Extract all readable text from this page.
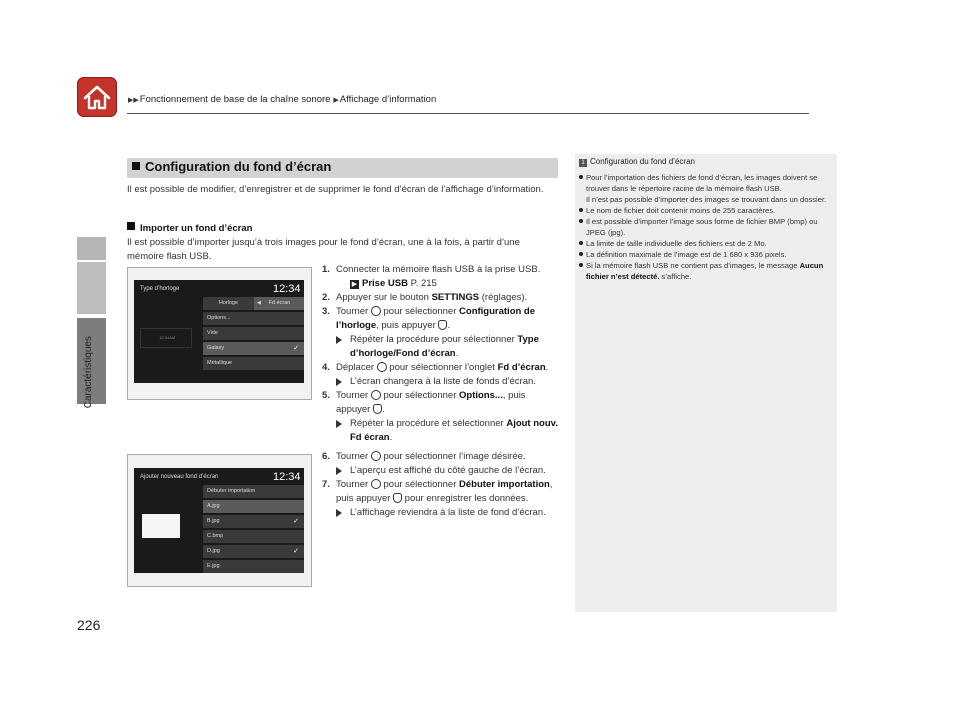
▶▶Fonctionnement de base de la chaîne sonore ▶Affichage d’information
Caractéristiques
226
Configuration du fond d’écran
Il est possible de modifier, d’enregistrer et de supprimer le fond d’écran de l’affichage d’information.
Importer un fond d’écran
Il est possible d’importer jusqu’à trois images pour le fond d’écran, une à la fois, à partir d’une mémoire flash USB.
1. Connecter la mémoire flash USB à la prise USB.
▶ Prise USB P. 215
2. Appuyer sur le bouton SETTINGS (réglages).
3. Tourner  pour sélectionner Configuration de l’horloge, puis appuyer .
Répéter la procédure pour sélectionner Type d’horloge/Fond d’écran.
4. Déplacer  pour sélectionner l’onglet Fd d’écran.
L’écran changera à la liste de fonds d’écran.
5. Tourner  pour sélectionner Options..., puis appuyer .
Répéter la procédure et sélectionner Ajout nouv. Fd écran.
6. Tourner  pour sélectionner l’image désirée.
L’aperçu est affiché du côté gauche de l’écran.
7. Tourner  pour sélectionner Débuter importation, puis appuyer  pour enregistrer les données.
L’affichage reviendra à la liste de fond d’écran.
Type d’horloge	12:34
· 12:34AM
Horloge	◀ Fd écran
Options...
Vide
Galaxy	✓
Métallique
Ajouter nouveau fond d’écran	12:34
Débuter importation
A.jpg
B.jpg	✓
C.bmp
D.jpg	✓
E.jpg
1 Configuration du fond d’écran
Pour l’importation des fichiers de fond d’écran, les images doivent se trouver dans le répertoire racine de la mémoire flash USB.
Il n’est pas possible d’importer des images se trouvant dans un dossier.
Le nom de fichier doit contenir moins de 255 caractères.
Il est possible d’importer l’image sous forme de fichier BMP (bmp) ou JPEG (jpg).
La limite de taille individuelle des fichiers est de 2 Mo.
La définition maximale de l’image est de 1 680 x 936 pixels.
Si la mémoire flash USB ne contient pas d’images, le message Aucun fichier n’est détecté. s’affiche.
